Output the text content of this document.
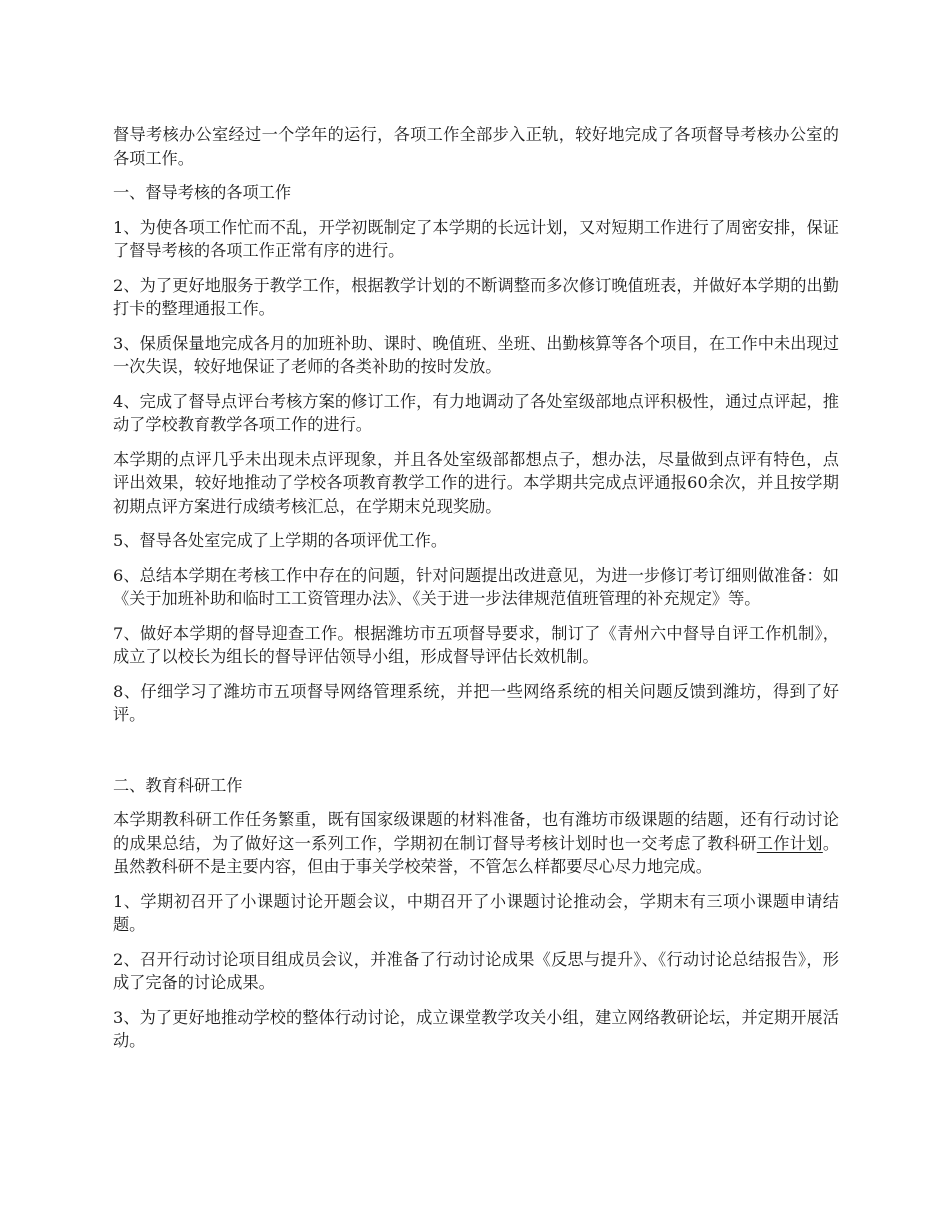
督导考核办公室经过一个学年的运行，各项工作全部步入正轨，较好地完成了各项督导考核办公室的各项工作。

一、督导考核的各项工作

1、为使各项工作忙而不乱，开学初既制定了本学期的长远计划，又对短期工作进行了周密安排，保证了督导考核的各项工作正常有序的进行。

2、为了更好地服务于教学工作，根据教学计划的不断调整而多次修订晚值班表，并做好本学期的出勤打卡的整理通报工作。

3、保质保量地完成各月的加班补助、课时、晚值班、坐班、出勤核算等各个项目，在工作中未出现过一次失误，较好地保证了老师的各类补助的按时发放。

4、完成了督导点评台考核方案的修订工作，有力地调动了各处室级部地点评积极性，通过点评起，推动了学校教育教学各项工作的进行。

本学期的点评几乎未出现未点评现象，并且各处室级部都想点子，想办法，尽量做到点评有特色，点评出效果，较好地推动了学校各项教育教学工作的进行。本学期共完成点评通报60余次，并且按学期初期点评方案进行成绩考核汇总，在学期末兑现奖励。

5、督导各处室完成了上学期的各项评优工作。

6、总结本学期在考核工作中存在的问题，针对问题提出改进意见，为进一步修订考订细则做准备：如《关于加班补助和临时工工资管理办法》、《关于进一步法律规范值班管理的补充规定》等。

7、做好本学期的督导迎查工作。根据潍坊市五项督导要求，制订了《青州六中督导自评工作机制》，成立了以校长为组长的督导评估领导小组，形成督导评估长效机制。

8、仔细学习了潍坊市五项督导网络管理系统，并把一些网络系统的相关问题反馈到潍坊，得到了好评。

二、教育科研工作

本学期教科研工作任务繁重，既有国家级课题的材料准备，也有潍坊市级课题的结题，还有行动讨论的成果总结，为了做好这一系列工作，学期初在制订督导考核计划时也一交考虑了教科研工作计划。虽然教科研不是主要内容，但由于事关学校荣誉，不管怎么样都要尽心尽力地完成。

1、学期初召开了小课题讨论开题会议，中期召开了小课题讨论推动会，学期末有三项小课题申请结题。

2、召开行动讨论项目组成员会议，并准备了行动讨论成果《反思与提升》、《行动讨论总结报告》，形成了完备的讨论成果。

3、为了更好地推动学校的整体行动讨论，成立课堂教学攻关小组，建立网络教研论坛，并定期开展活动。
